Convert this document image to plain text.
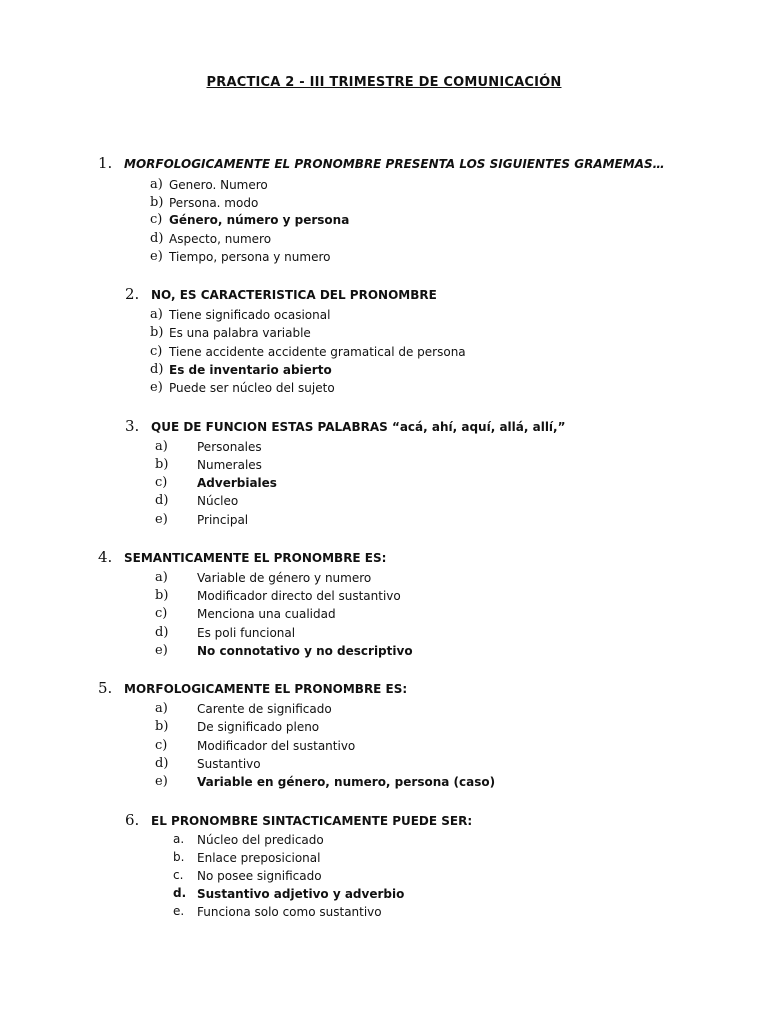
PRACTICA 2 - III TRIMESTRE DE COMUNICACIÓN
1. MORFOLOGICAMENTE EL PRONOMBRE PRESENTA LOS SIGUIENTES GRAMEMAS…
a) Genero. Numero
b) Persona. modo
c) Género, número y persona
d) Aspecto, numero
e) Tiempo, persona y numero
2. NO, ES CARACTERISTICA DEL PRONOMBRE
a) Tiene significado ocasional
b) Es una palabra variable
c) Tiene accidente accidente gramatical de persona
d) Es de inventario abierto
e) Puede ser núcleo del sujeto
3. QUE DE FUNCION ESTAS PALABRAS “acá, ahí, aquí, allá, allí,”
a) Personales
b) Numerales
c) Adverbiales
d) Núcleo
e) Principal
4. SEMANTICAMENTE EL PRONOMBRE ES:
a) Variable de género y numero
b) Modificador directo del sustantivo
c) Menciona una cualidad
d) Es poli funcional
e) No connotativo y no descriptivo
5. MORFOLOGICAMENTE EL PRONOMBRE ES:
a) Carente de significado
b) De significado pleno
c) Modificador del sustantivo
d) Sustantivo
e) Variable en género, numero, persona (caso)
6. EL PRONOMBRE SINTACTICAMENTE PUEDE SER:
a. Núcleo del predicado
b. Enlace preposicional
c. No posee significado
d. Sustantivo adjetivo y adverbio
e. Funciona solo como sustantivo
